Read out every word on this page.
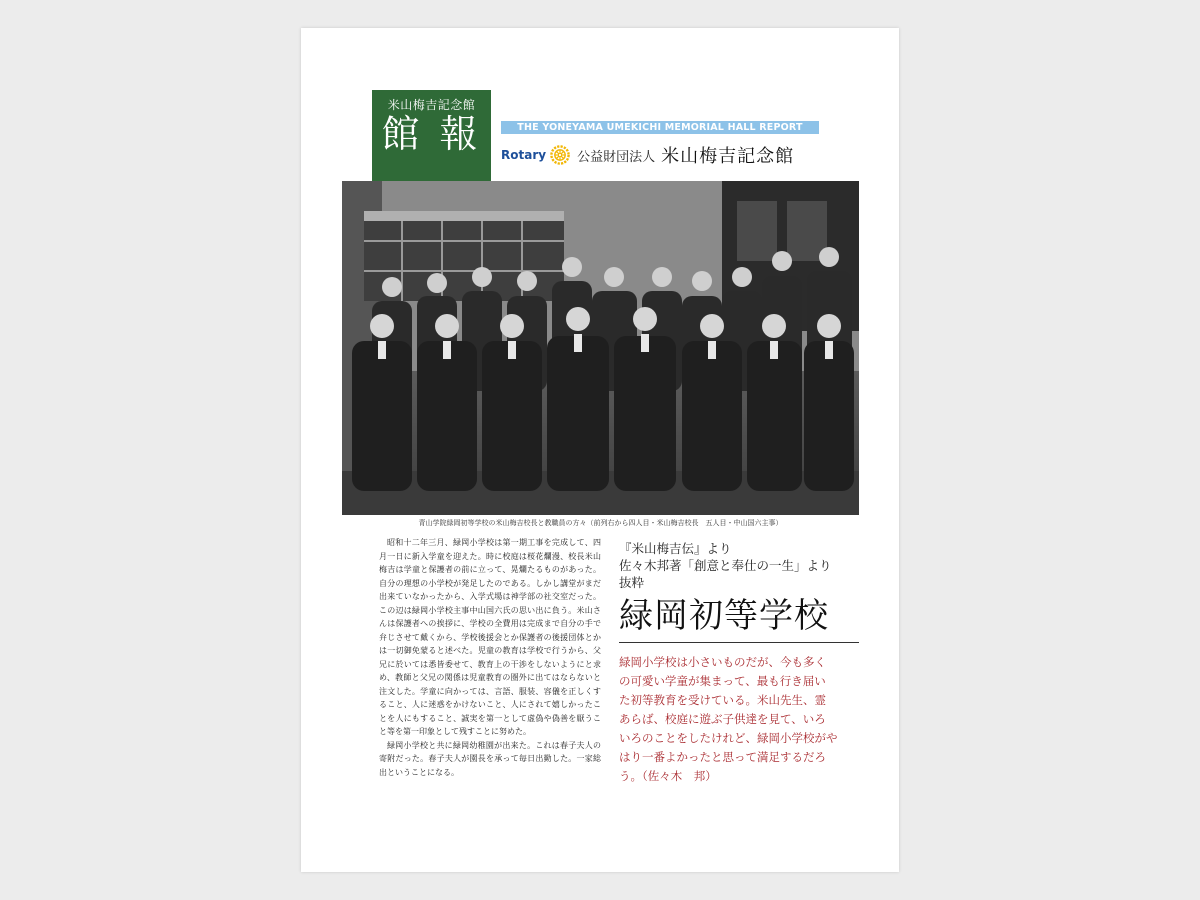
米山梅吉記念館
館 報	THE YONEYAMA UMEKICHI MEMORIAL HALL REPORT
Rotary 公益財団法人 米山梅吉記念館
青山学院緑岡初等学校の米山梅吉校長と教職員の方々（前列右から四人目・米山梅吉校長　五人目・中山国六主事）

昭和十二年三月、緑岡小学校は第一期工事を完成して、四月一日に新入学童を迎えた。時に校庭は桜花爛漫、校長米山梅吉は学童と保護者の前に立って、晃爛たるものがあった。自分の理想の小学校が発足したのである。しかし講堂がまだ出来ていなかったから、入学式場は神学部の社交室だった。この辺は緑岡小学校主事中山国六氏の思い出に負う。米山さんは保護者への挨拶に、学校の全費用は完成まで自分の手で弁じさせて戴くから、学校後援会とか保護者の後援団体とかは一切御免蒙ると述べた。児童の教育は学校で行うから、父兄に於いては悉皆委せて、教育上の干渉をしないようにと求め、教師と父兄の関係は児童教育の圏外に出てはならないと注文した。学童に向かっては、言語、服装、容儀を正しくすること、人に迷惑をかけないこと、人にされて嬉しかったことを人にもすること、誠実を第一として虚偽や偽善を厭うこと等を第一印象として残すことに努めた。

緑岡小学校と共に緑岡幼稚園が出来た。これは春子夫人の寄附だった。春子夫人が園長を承って毎日出勤した。一家総出ということになる。

『米山梅吉伝』より
佐々木邦著「創意と奉仕の一生」より
抜粋
緑岡初等学校
緑岡小学校は小さいものだが、今も多く
の可愛い学童が集まって、最も行き届い
た初等教育を受けている。米山先生、霊
あらば、校庭に遊ぶ子供達を見て、いろ
いろのことをしたけれど、緑岡小学校がや
はり一番よかったと思って満足するだろ
う。（佐々木　邦）
